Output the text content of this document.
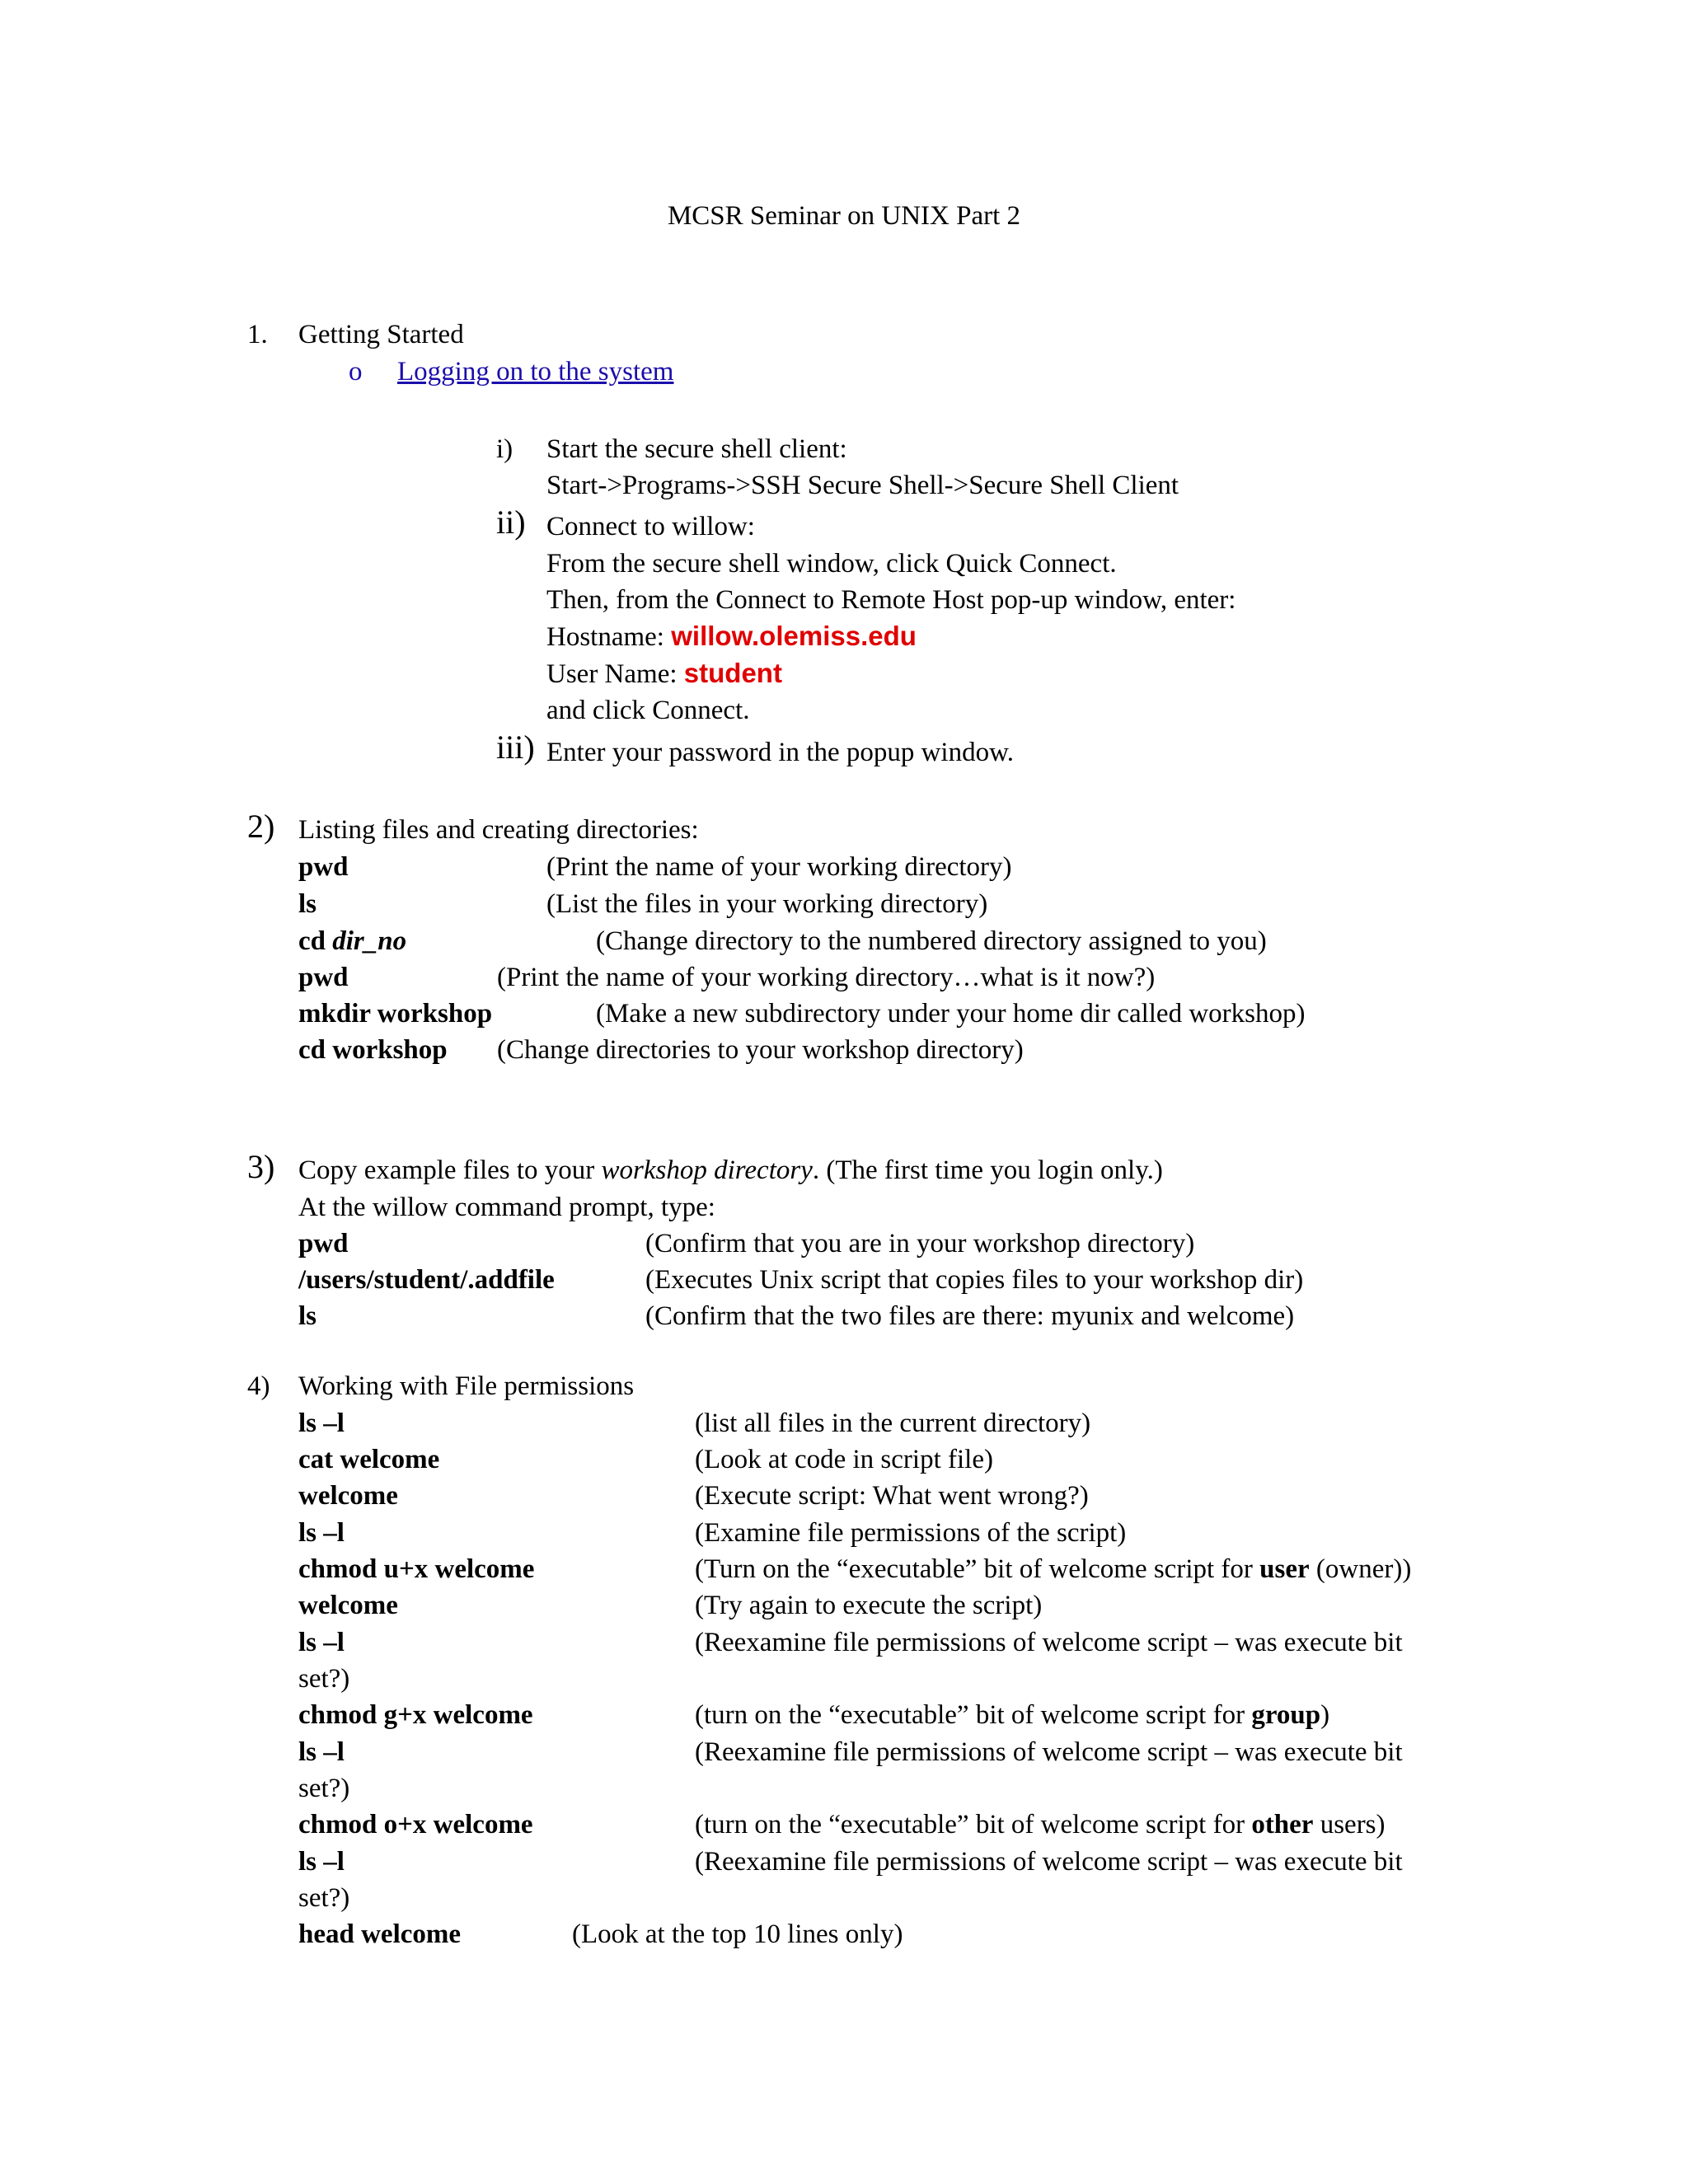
MCSR Seminar on UNIX Part 2
1. Getting Started
o Logging on to the system
i) Start the secure shell client:
Start->Programs->SSH Secure Shell->Secure Shell Client
ii) Connect to willow:
From the secure shell window, click Quick Connect.
Then, from the Connect to Remote Host pop-up window, enter:
Hostname: willow.olemiss.edu
User Name: student
and click Connect.
iii) Enter your password in the popup window.
2) Listing files and creating directories:
pwd	(Print the name of your working directory)
ls	(List the files in your working directory)
cd dir_no	(Change directory to the numbered directory assigned to you)
pwd	(Print the name of your working directory…what is it now?)
mkdir workshop	(Make a new subdirectory under your home dir called workshop)
cd workshop (Change directories to your workshop directory)
3) Copy example files to your workshop directory. (The first time you login only.)
At the willow command prompt, type:
pwd	(Confirm that you are in your workshop directory)
/users/student/.addfile	(Executes Unix script that copies files to your workshop dir)
ls	(Confirm that the two files are there: myunix and welcome)
4) Working with File permissions
ls –l	(list all files in the current directory)
cat welcome	(Look at code in script file)
welcome	(Execute script: What went wrong?)
ls –l	(Examine file permissions of the script)
chmod u+x welcome	(Turn on the “executable” bit of welcome script for user (owner))
welcome	(Try again to execute the script)
ls –l	(Reexamine file permissions of welcome script – was execute bit
set?)
chmod g+x welcome	(turn on the “executable” bit of welcome script for group)
ls –l	(Reexamine file permissions of welcome script – was execute bit
set?)
chmod o+x welcome	(turn on the “executable” bit of welcome script for other users)
ls –l	(Reexamine file permissions of welcome script – was execute bit
set?)
head welcome	(Look at the top 10 lines only)
